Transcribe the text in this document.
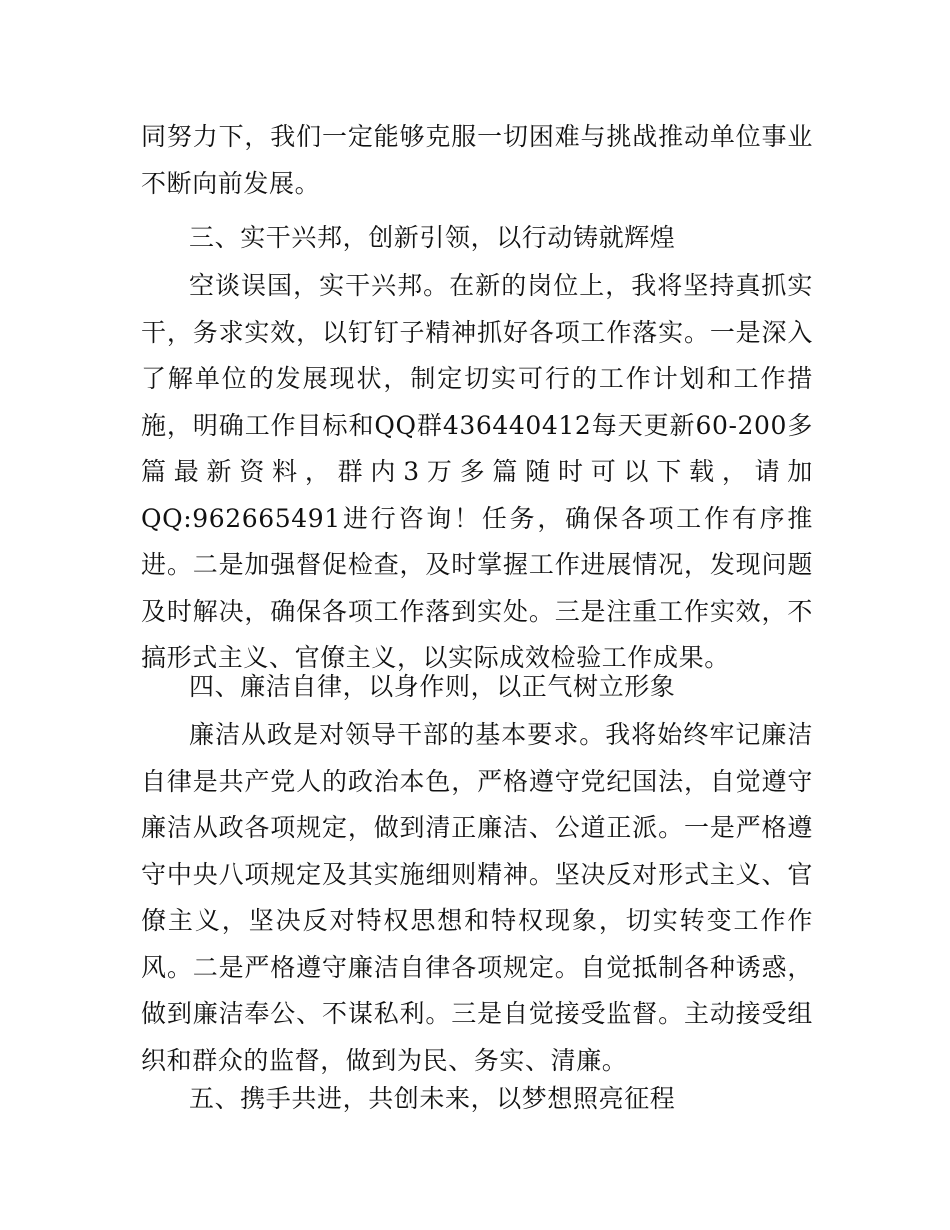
同努力下，我们一定能够克服一切困难与挑战推动单位事业不断向前发展。

三、实干兴邦，创新引领，以行动铸就辉煌

空谈误国，实干兴邦。在新的岗位上，我将坚持真抓实干，务求实效，以钉钉子精神抓好各项工作落实。一是深入了解单位的发展现状，制定切实可行的工作计划和工作措施，明确工作目标和QQ群436440412每天更新60-200多篇最新资料，群内3万多篇随时可以下载，请加QQ:962665491进行咨询！任务，确保各项工作有序推进。二是加强督促检查，及时掌握工作进展情况，发现问题及时解决，确保各项工作落到实处。三是注重工作实效，不搞形式主义、官僚主义，以实际成效检验工作成果。

四、廉洁自律，以身作则，以正气树立形象

廉洁从政是对领导干部的基本要求。我将始终牢记廉洁自律是共产党人的政治本色，严格遵守党纪国法，自觉遵守廉洁从政各项规定，做到清正廉洁、公道正派。一是严格遵守中央八项规定及其实施细则精神。坚决反对形式主义、官僚主义，坚决反对特权思想和特权现象，切实转变工作作风。二是严格遵守廉洁自律各项规定。自觉抵制各种诱惑，做到廉洁奉公、不谋私利。三是自觉接受监督。主动接受组织和群众的监督，做到为民、务实、清廉。

五、携手共进，共创未来，以梦想照亮征程
